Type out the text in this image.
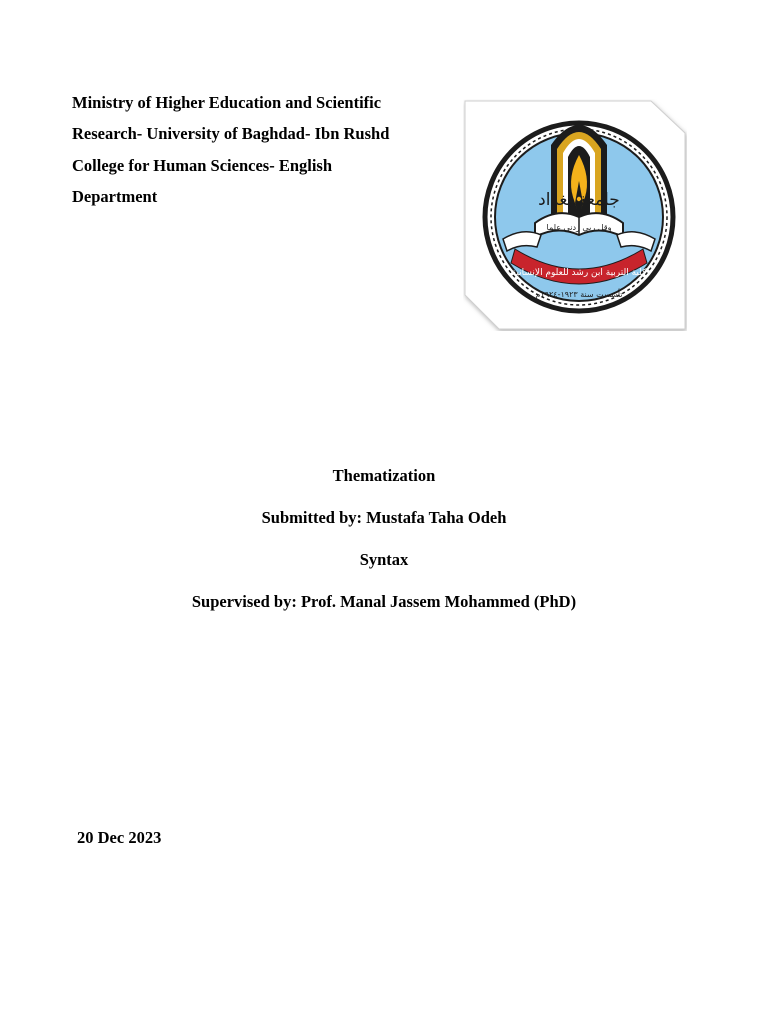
Ministry of Higher Education and Scientific
Research- University of Baghdad- Ibn Rushd
College for Human Sciences- English
Department
وقل ربي زدني علما
جامعة بغداد
كلية التربية ابن رشد للعلوم الإنسانية
تأسست سنة ١٩٢٣-١٩٢٤م
Thematization
Submitted by: Mustafa Taha Odeh
Syntax
Supervised by: Prof. Manal Jassem Mohammed (PhD)
20 Dec 2023
